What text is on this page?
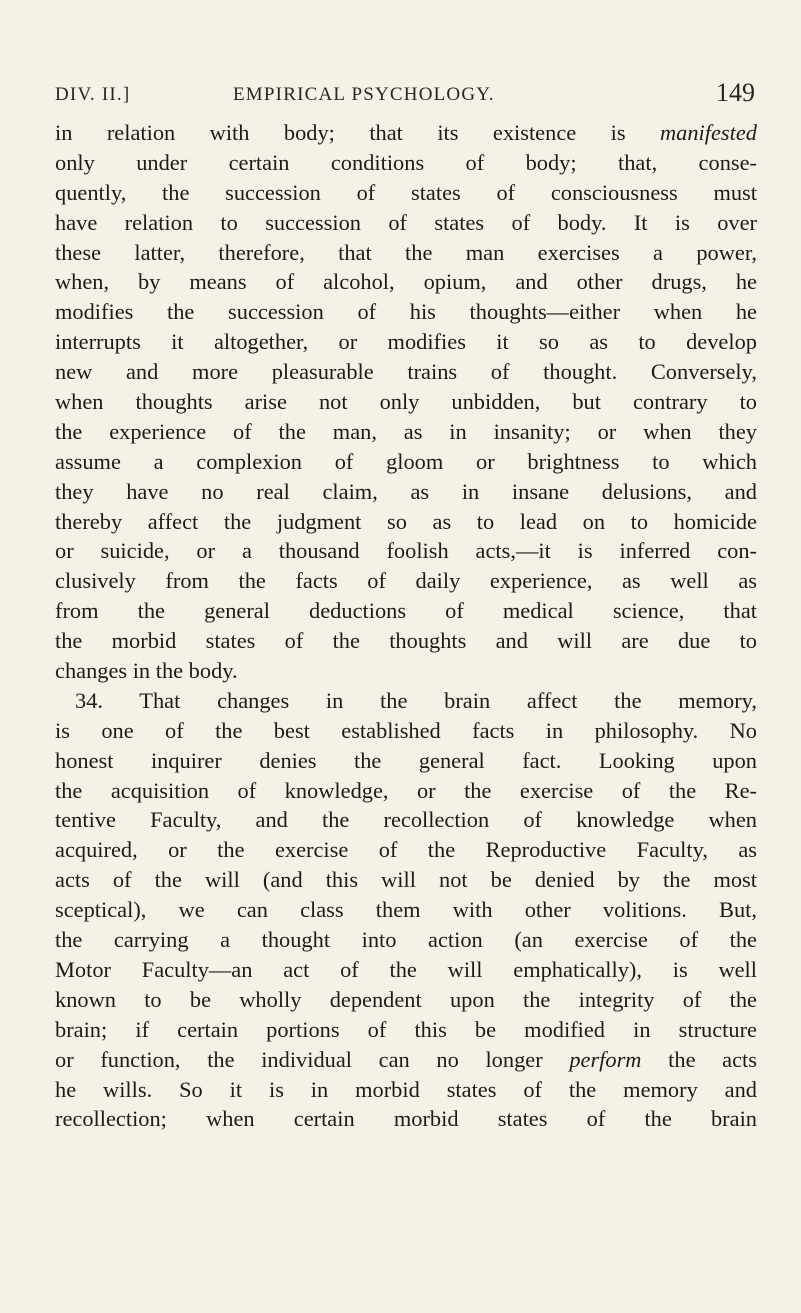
DIV. II.]	EMPIRICAL PSYCHOLOGY.	149
in relation with body; that its existence is manifested
only under certain conditions of body; that, conse-
quently, the succession of states of consciousness must
have relation to succession of states of body. It is over
these latter, therefore, that the man exercises a power,
when, by means of alcohol, opium, and other drugs, he
modifies the succession of his thoughts—either when he
interrupts it altogether, or modifies it so as to develop
new and more pleasurable trains of thought. Conversely,
when thoughts arise not only unbidden, but contrary to
the experience of the man, as in insanity; or when they
assume a complexion of gloom or brightness to which
they have no real claim, as in insane delusions, and
thereby affect the judgment so as to lead on to homicide
or suicide, or a thousand foolish acts,—it is inferred con-
clusively from the facts of daily experience, as well as
from the general deductions of medical science, that
the morbid states of the thoughts and will are due to
changes in the body.
34. That changes in the brain affect the memory,
is one of the best established facts in philosophy. No
honest inquirer denies the general fact. Looking upon
the acquisition of knowledge, or the exercise of the Re-
tentive Faculty, and the recollection of knowledge when
acquired, or the exercise of the Reproductive Faculty, as
acts of the will (and this will not be denied by the most
sceptical), we can class them with other volitions. But,
the carrying a thought into action (an exercise of the
Motor Faculty—an act of the will emphatically), is well
known to be wholly dependent upon the integrity of the
brain; if certain portions of this be modified in structure
or function, the individual can no longer perform the acts
he wills. So it is in morbid states of the memory and
recollection; when certain morbid states of the brain
